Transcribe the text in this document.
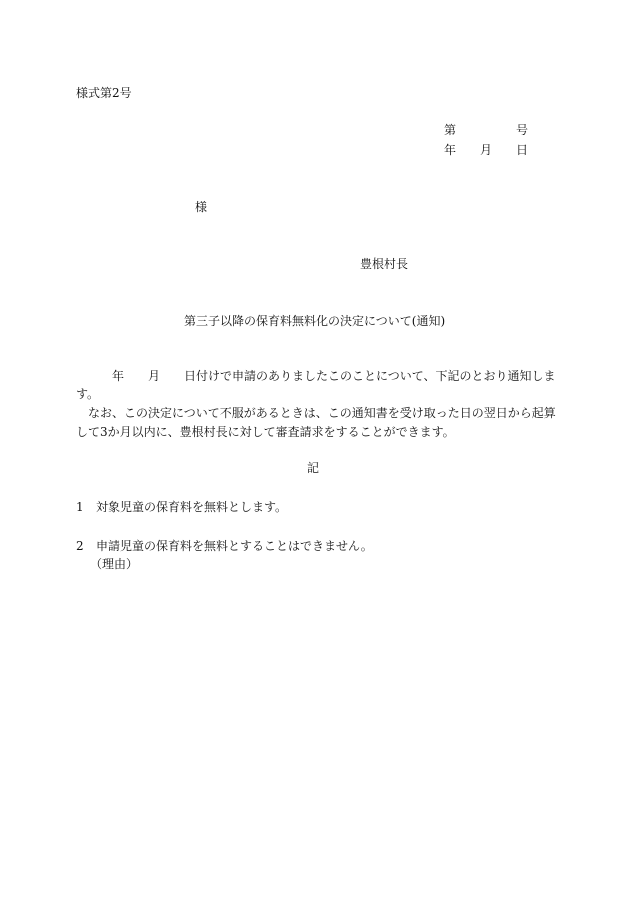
様式第2号
第	号
年 月 日
様
豊根村長
第三子以降の保育料無料化の決定について(通知)
年 月 日付けで申請のありましたこのことについて、下記のとおり通知しま
す。
なお、この決定について不服があるときは、この通知書を受け取った日の翌日から起算
して3か月以内に、豊根村長に対して審査請求をすることができます。
記
1 対象児童の保育料を無料とします。
2 申請児童の保育料を無料とすることはできません。
（理由）
